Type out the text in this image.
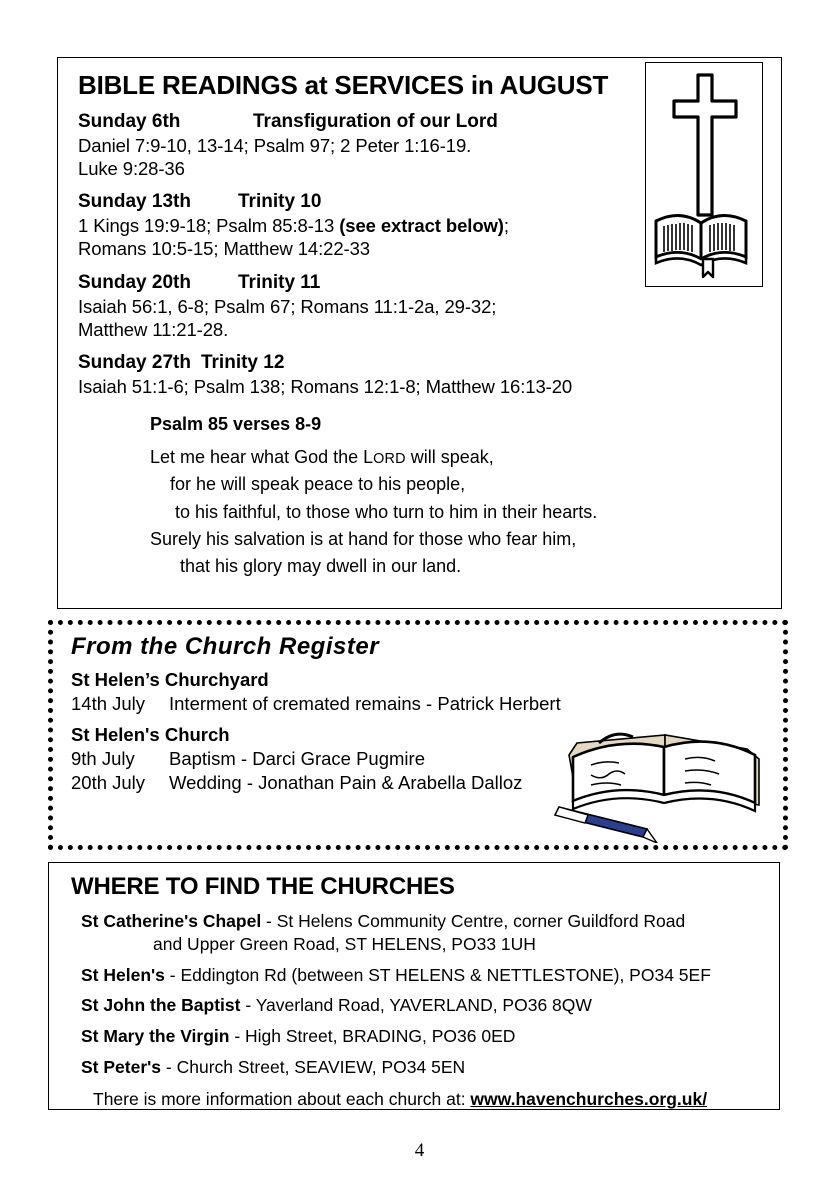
BIBLE READINGS at SERVICES in AUGUST
Sunday 6th	Transfiguration of our Lord
Daniel 7:9-10, 13-14; Psalm 97; 2 Peter 1:16-19.
Luke 9:28-36
Sunday 13th Trinity 10
1 Kings 19:9-18; Psalm 85:8-13 (see extract below);
Romans 10:5-15; Matthew 14:22-33
Sunday 20th Trinity 11
Isaiah 56:1, 6-8; Psalm 67; Romans 11:1-2a, 29-32;
Matthew 11:21-28.
Sunday 27th Trinity 12
Isaiah 51:1-6; Psalm 138; Romans 12:1-8; Matthew 16:13-20
Psalm 85 verses 8-9
Let me hear what God the LORD will speak,
for he will speak peace to his people,
to his faithful, to those who turn to him in their hearts.
Surely his salvation is at hand for those who fear him,
that his glory may dwell in our land.
From the Church Register
St Helen’s Churchyard
14th July Interment of cremated remains - Patrick Herbert
St Helen's Church
9th July Baptism - Darci Grace Pugmire
20th July Wedding - Jonathan Pain & Arabella Dalloz
WHERE TO FIND THE CHURCHES
St Catherine's Chapel - St Helens Community Centre, corner Guildford Road
and Upper Green Road, ST HELENS, PO33 1UH
St Helen's - Eddington Rd (between ST HELENS & NETTLESTONE), PO34 5EF
St John the Baptist - Yaverland Road, YAVERLAND, PO36 8QW
St Mary the Virgin - High Street, BRADING, PO36 0ED
St Peter's - Church Street, SEAVIEW, PO34 5EN
There is more information about each church at: www.havenchurches.org.uk/
4
